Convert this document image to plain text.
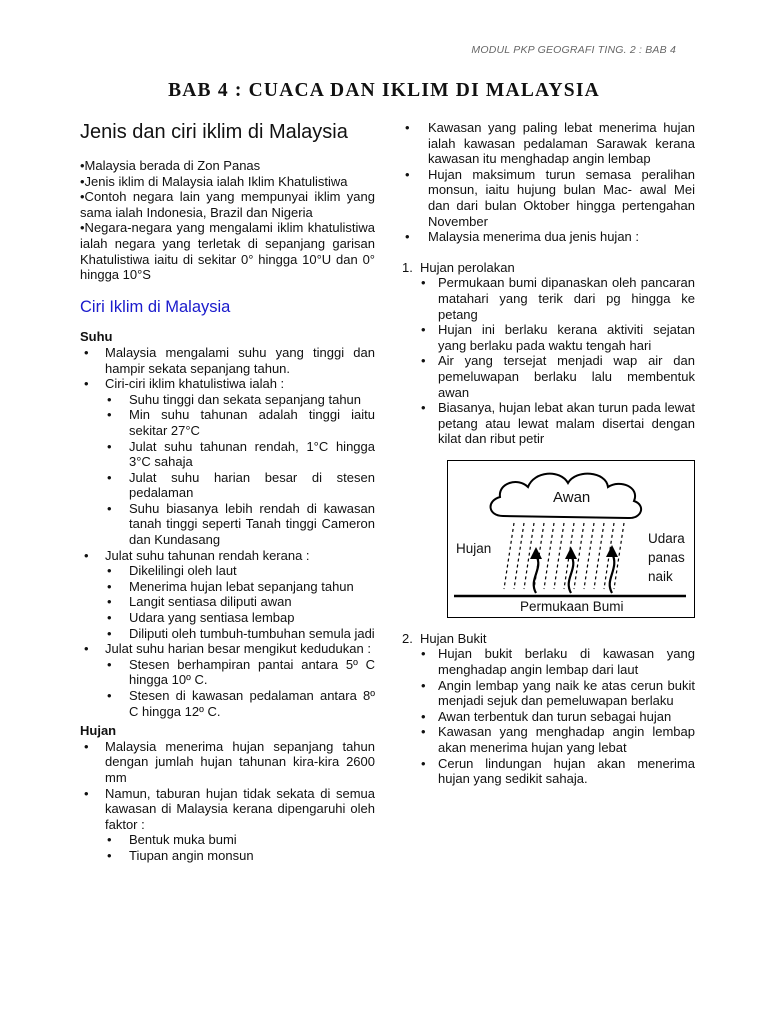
MODUL PKP GEOGRAFI TING. 2 : BAB 4
BAB 4 : CUACA DAN IKLIM DI MALAYSIA
Jenis dan ciri iklim di Malaysia

•Malaysia berada di Zon Panas

•Jenis iklim di Malaysia ialah Iklim Khatulistiwa

•Contoh negara lain yang mempunyai iklim yang sama ialah Indonesia, Brazil dan Nigeria

•Negara-negara yang mengalami iklim khatulistiwa ialah negara yang terletak di sepanjang garisan Khatulistiwa iaitu di sekitar 0° hingga 10°U dan 0° hingga 10°S

Ciri Iklim di Malaysia
Suhu
• Malaysia mengalami suhu yang tinggi dan hampir sekata sepanjang tahun.
• Ciri-ciri iklim khatulistiwa ialah :
• Suhu tinggi dan sekata sepanjang tahun
• Min suhu tahunan adalah tinggi iaitu sekitar 27°C
• Julat suhu tahunan rendah, 1°C hingga 3°C sahaja
• Julat suhu harian besar di stesen pedalaman
• Suhu biasanya lebih rendah di kawasan tanah tinggi seperti Tanah tinggi Cameron dan Kundasang
• Julat suhu tahunan rendah kerana :
• Dikelilingi oleh laut
• Menerima hujan lebat sepanjang tahun
• Langit sentiasa diliputi awan
• Udara yang sentiasa lembap
• Diliputi oleh tumbuh-tumbuhan semula jadi
• Julat suhu harian besar mengikut kedudukan :
• Stesen berhampiran pantai antara 5º C hingga 10º C.
• Stesen di kawasan pedalaman antara 8º C hingga 12º C.
Hujan
• Malaysia menerima hujan sepanjang tahun dengan jumlah hujan tahunan kira-kira 2600 mm
• Namun, taburan hujan tidak sekata di semua kawasan di Malaysia kerana dipengaruhi oleh faktor :
• Bentuk muka bumi
• Tiupan angin monsun
• Kawasan yang paling lebat menerima hujan ialah kawasan pedalaman Sarawak kerana kawasan itu menghadap angin lembap
• Hujan maksimum turun semasa peralihan monsun, iaitu hujung bulan Mac- awal Mei dan dari bulan Oktober hingga pertengahan November
• Malaysia menerima dua jenis hujan :
1. Hujan perolakan
• Permukaan bumi dipanaskan oleh pancaran matahari yang terik dari pg hingga ke petang
• Hujan ini berlaku kerana aktiviti sejatan yang berlaku pada waktu tengah hari
• Air yang tersejat menjadi wap air dan pemeluwapan berlaku lalu membentuk awan
• Biasanya, hujan lebat akan turun pada lewat petang atau lewat malam disertai dengan kilat dan ribut petir
2. Hujan Bukit
• Hujan bukit berlaku di kawasan yang menghadap angin lembap dari laut
• Angin lembap yang naik ke atas cerun bukit menjadi sejuk dan pemeluwapan berlaku
• Awan terbentuk dan turun sebagai hujan
• Kawasan yang menghadap angin lembap akan menerima hujan yang lebat
• Cerun lindungan hujan akan menerima hujan yang sedikit sahaja.
Awan
Hujan
Udara
panas
naik
Permukaan Bumi
